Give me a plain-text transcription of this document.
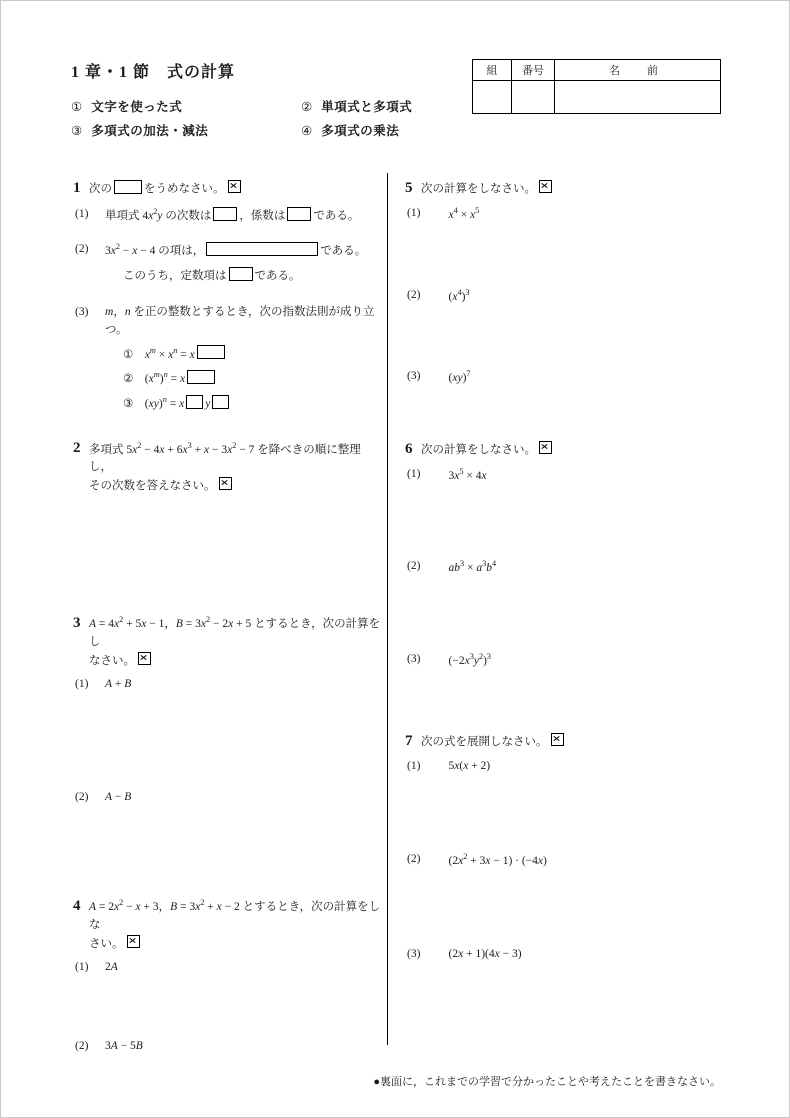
1 章・1 節　式の計算
① 文字を使った式	② 単項式と多項式
③ 多項式の加法・減法	④ 多項式の乗法
組	番号	名　前

1 次の	をうめなさい。
(1)	単項式 $4x^2y$ の次数は ，係数は である。
(2)	$3x^2 - x - 4$ の項は，	である。
このうち，定数項は である。
(3)	m，n を正の整数とするとき，次の指数法則が成り立つ。
①　$x^m \times x^n = x$
②　$(x^m)^n = x$
③　(xy)$^n$ = x y
2 多項式 $5x^2 - 4x + 6x^3 + x - 3x^2 - 7$ を降べきの順に整理し，
その次数を答えなさい。
3 $A = 4x^2 + 5x - 1$，$B = 3x^2 - 2x + 5$ とするとき，次の計算をし
なさい。
(1)	A + B
(2)	A − B
4 $A = 2x^2 - x + 3$，$B = 3x^2 + x - 2$ とするとき，次の計算をしな
さい。
(1)	2A
(2)	3A − 5B
5 次の計算をしなさい。
(1)
　	$x^4 \times x^5$
(2)	　$(x^4)^3$
(3)	　(xy)$^7$
6 次の計算をしなさい。
(1)
　	$3x^5 \times 4x$
(2)
　	$ab^3 \times a^3b^4$
(3)	　$(-2x^3y^2)^3$
7 次の式を展開しなさい。
(1)
　	5x(x + 2)
(2)	　$(2x^2 + 3x - 1) \cdot (-4x)$
(3)	　(2x + 1)(4x − 3)
●裏面に，これまでの学習で分かったことや考えたことを書きなさい。
